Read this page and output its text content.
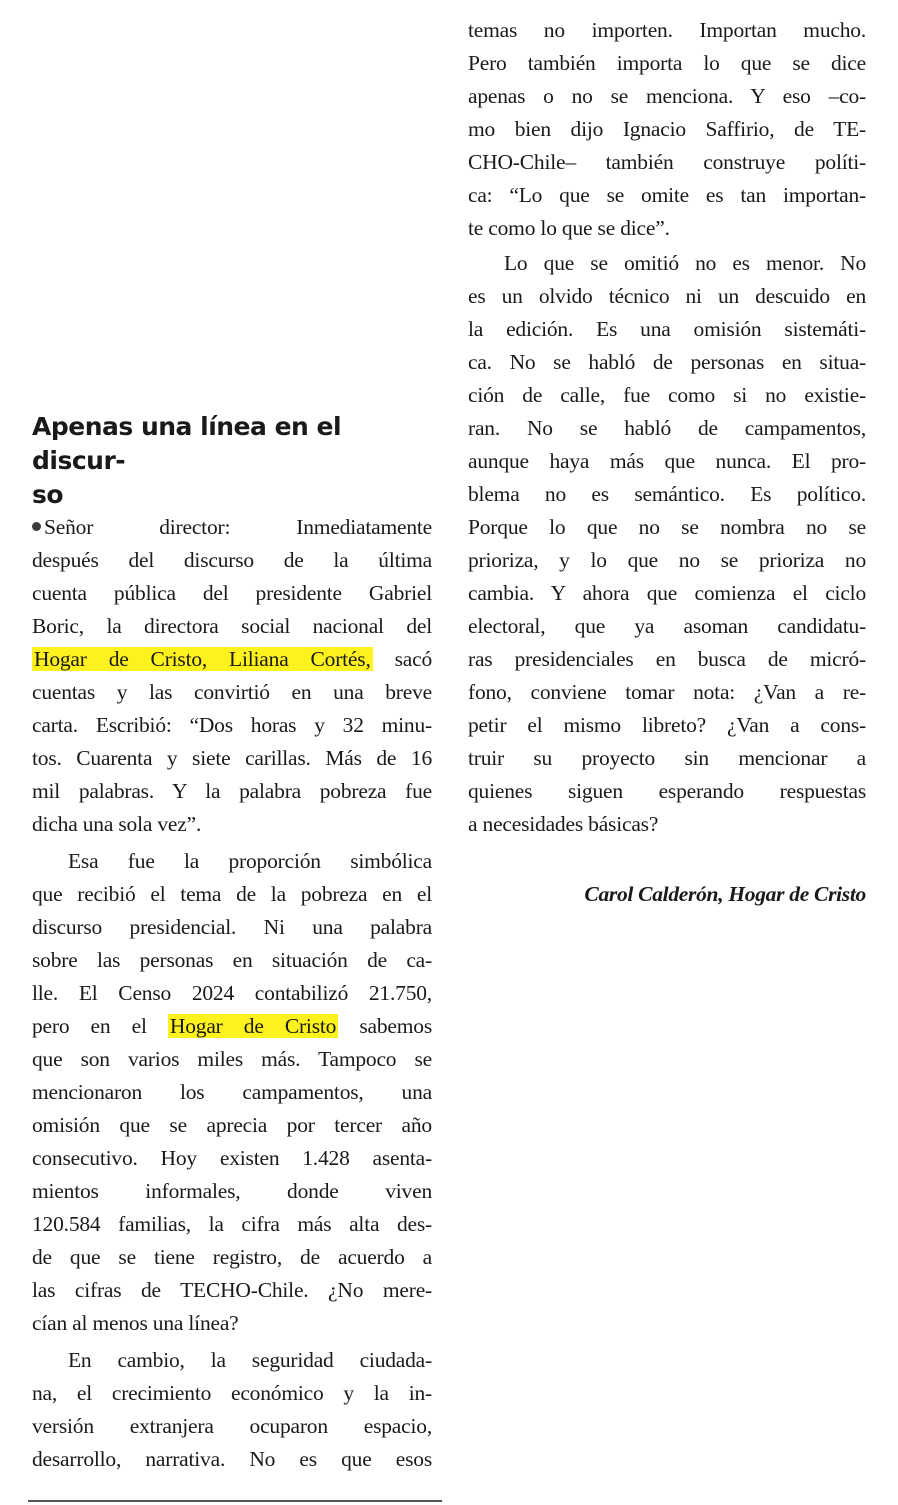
temas no importen. Importan mucho.
Pero también importa lo que se dice
apenas o no se menciona. Y eso –co-
mo bien dijo Ignacio Saffirio, de TE-
CHO-Chile– también construye políti-
ca: “Lo que se omite es tan importan-
te como lo que se dice”.
Lo que se omitió no es menor. No
es un olvido técnico ni un descuido en
la edición. Es una omisión sistemáti-
ca. No se habló de personas en situa-
ción de calle, fue como si no existie-
ran. No se habló de campamentos,
aunque haya más que nunca. El pro-
blema no es semántico. Es político.
Porque lo que no se nombra no se
prioriza, y lo que no se prioriza no
cambia. Y ahora que comienza el ciclo
electoral, que ya asoman candidatu-
ras presidenciales en busca de micró-
fono, conviene tomar nota: ¿Van a re-
petir el mismo libreto? ¿Van a cons-
truir su proyecto sin mencionar a
quienes siguen esperando respuestas
a necesidades básicas?
Apenas una línea en el discur-
so
Señor director: Inmediatamente
después del discurso de la última
cuenta pública del presidente Gabriel
Boric, la directora social nacional del
Hogar de Cristo, Liliana Cortés, sacó
cuentas y las convirtió en una breve
carta. Escribió: “Dos horas y 32 minu-
tos. Cuarenta y siete carillas. Más de 16
mil palabras. Y la palabra pobreza fue
dicha una sola vez”.
Esa fue la proporción simbólica
que recibió el tema de la pobreza en el
discurso presidencial. Ni una palabra
sobre las personas en situación de ca-
lle. El Censo 2024 contabilizó 21.750,
pero en el Hogar de Cristo sabemos
que son varios miles más. Tampoco se
mencionaron los campamentos, una
omisión que se aprecia por tercer año
consecutivo. Hoy existen 1.428 asenta-
mientos informales, donde viven
120.584 familias, la cifra más alta des-
de que se tiene registro, de acuerdo a
las cifras de TECHO-Chile. ¿No mere-
cían al menos una línea?
En cambio, la seguridad ciudada-
na, el crecimiento económico y la in-
versión extranjera ocuparon espacio,
desarrollo, narrativa. No es que esos
Carol Calderón, Hogar de Cristo
